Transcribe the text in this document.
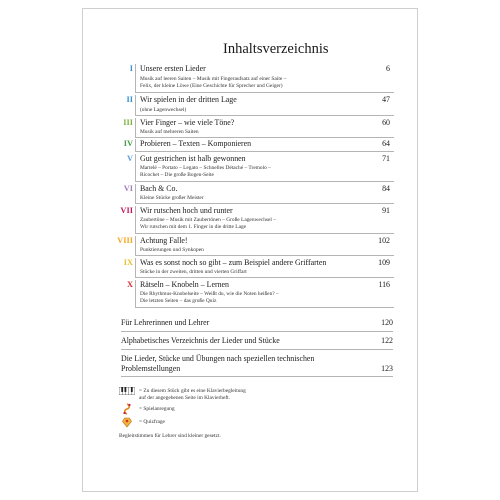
Inhaltsverzeichnis
I Unsere ersten Lieder	6
Musik auf leeren Saiten – Musik mit Fingeraufsatz auf einer Saite –
Felix, der kleine Löwe (Eine Geschichte für Sprecher und Geiger)
II Wir spielen in der dritten Lage	47
(ohne Lagenwechsel)
III Vier Finger – wie viele Töne?	60
Musik auf mehreren Saiten
IV Probieren – Texten – Komponieren	64
V Gut gestrichen ist halb gewonnen	71
Martelé – Portato – Legato – Schnelles Détaché – Tremolo –
Ricochet – Die große Bogen-Seite
VI Bach & Co.	84
Kleine Stücke großer Meister
VII Wir rutschen hoch und runter	91
Zaubertöne – Musik mit Zaubertönen – Große Lagenwechsel –
Wir rutschen mit dem 1. Finger in die dritte Lage
VIII Achtung Falle!	102
Punktierungen und Synkopen
IX Was es sonst noch so gibt – zum Beispiel andere Griffarten	109
Stücke in der zweiten, dritten und vierten Griffart
X Rätseln – Knobeln – Lernen	116
Die Rhythmus-Knobelseite – Weißt du, wie die Noten heißen? –
Die letzten Seiten – das große Quiz
Für Lehrerinnen und Lehrer	120
Alphabetisches Verzeichnis der Lieder und Stücke	122
Die Lieder, Stücke und Übungen nach speziellen technischen
Problemstellungen	123
= Zu diesem Stück gibt es eine Klavierbegleitung
auf der angegebenen Seite im Klavierheft.
= Spielanregung
= Quizfrage
Begleitstimmen für Lehrer sind kleiner gesetzt.
